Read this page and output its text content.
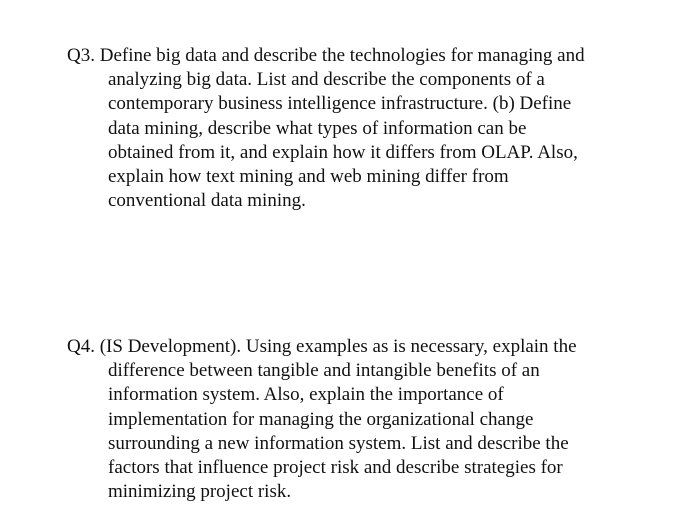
Q3. Define big data and describe the technologies for managing and
analyzing big data. List and describe the components of a
contemporary business intelligence infrastructure. (b) Define
data mining, describe what types of information can be
obtained from it, and explain how it differs from OLAP. Also,
explain how text mining and web mining differ from
conventional data mining.
Q4. (IS Development). Using examples as is necessary, explain the
difference between tangible and intangible benefits of an
information system. Also, explain the importance of
implementation for managing the organizational change
surrounding a new information system. List and describe the
factors that influence project risk and describe strategies for
minimizing project risk.
